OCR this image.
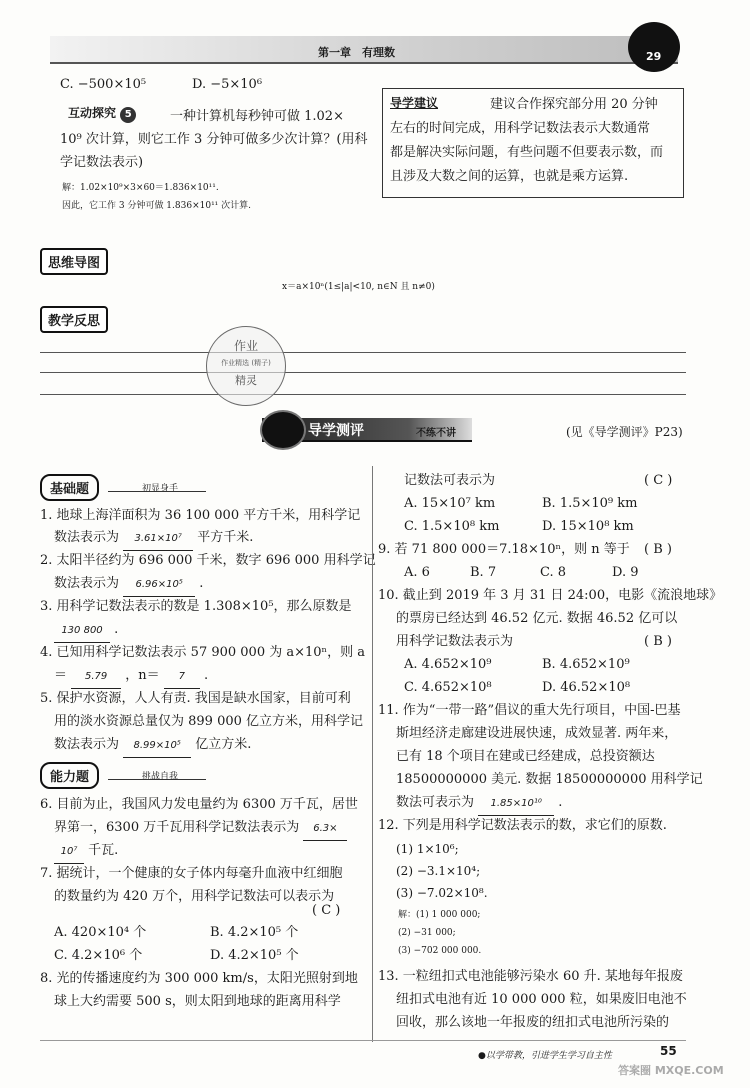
第一章　有理数	29
C. −500×10⁵	D. −5×10⁶
互动探究 5	一种计算机每秒钟可做 1.02×
10⁹ 次计算，则它工作 3 分钟可做多少次计算？(用科
学记数法表示)
解：1.02×10⁹×3×60＝1.836×10¹¹.
因此，它工作 3 分钟可做 1.836×10¹¹ 次计算.
导学建议	建议合作探究部分用 20 分钟
左右的时间完成，用科学记数法表示大数通常
都是解决实际问题，有些问题不但要表示数，而
且涉及大数之间的运算，也就是乘方运算.
思维导图
x＝a×10ⁿ(1≤|a|<10, n∈N 且 n≠0)
教学反思
作业
作业精选 (精子)
精灵
导学测评	不练不讲	(见《导学测评》P23)
基础题	初显身手
1. 地球上海洋面积为 36 100 000 平方千米，用科学记
数法表示为 3.61×10⁷ 平方千米.
2. 太阳半径约为 696 000 千米，数字 696 000 用科学记
数法表示为 6.96×10⁵ .
3. 用科学记数法表示的数是 1.308×10⁵，那么原数是
130 800 .
4. 已知用科学记数法表示 57 900 000 为 a×10ⁿ，则 a
＝ 5.79 ，n＝ 7 .
5. 保护水资源，人人有责. 我国是缺水国家，目前可利
用的淡水资源总量仅为 899 000 亿立方米，用科学记
数法表示为 8.99×10⁵ 亿立方米.
能力题	挑战自我
6. 目前为止，我国风力发电量约为 6300 万千瓦，居世
界第一，6300 万千瓦用科学记数法表示为 6.3×
10⁷ 千瓦.
7. 据统计，一个健康的女子体内每毫升血液中红细胞
的数量约为 420 万个，用科学记数法可以表示为
( C )
A. 420×10⁴ 个	B. 4.2×10⁵ 个
C. 4.2×10⁶ 个	D. 4.2×10⁵ 个
8. 光的传播速度约为 300 000 km/s，太阳光照射到地
球上大约需要 500 s，则太阳到地球的距离用科学
记数法可表示为	( C )
A. 15×10⁷ km	B. 1.5×10⁹ km
C. 1.5×10⁸ km	D. 15×10⁸ km
9. 若 71 800 000＝7.18×10ⁿ，则 n 等于 ( B )
A. 6	B. 7	C. 8	D. 9
10. 截止到 2019 年 3 月 31 日 24:00，电影《流浪地球》
的票房已经达到 46.52 亿元. 数据 46.52 亿可以
用科学记数法表示为	( B )
A. 4.652×10⁹	B. 4.652×10⁹
C. 4.652×10⁸	D. 46.52×10⁸
11. 作为“一带一路”倡议的重大先行项目，中国-巴基
斯坦经济走廊建设进展快速，成效显著. 两年来，
已有 18 个项目在建或已经建成，总投资额达
18500000000 美元. 数据 18500000000 用科学记
数法可表示为 1.85×10¹⁰ .
12. 下列是用科学记数法表示的数，求它们的原数.
(1) 1×10⁶;
(2) −3.1×10⁴;
(3) −7.02×10⁸.
解：(1) 1 000 000;
(2) −31 000;
(3) −702 000 000.
13. 一粒纽扣式电池能够污染水 60 升. 某地每年报废
纽扣式电池有近 10 000 000 粒，如果废旧电池不
回收，那么该地一年报废的纽扣式电池所污染的
●以学带教，引进学生学习自主性	55
答案圈 MXQE.COM
